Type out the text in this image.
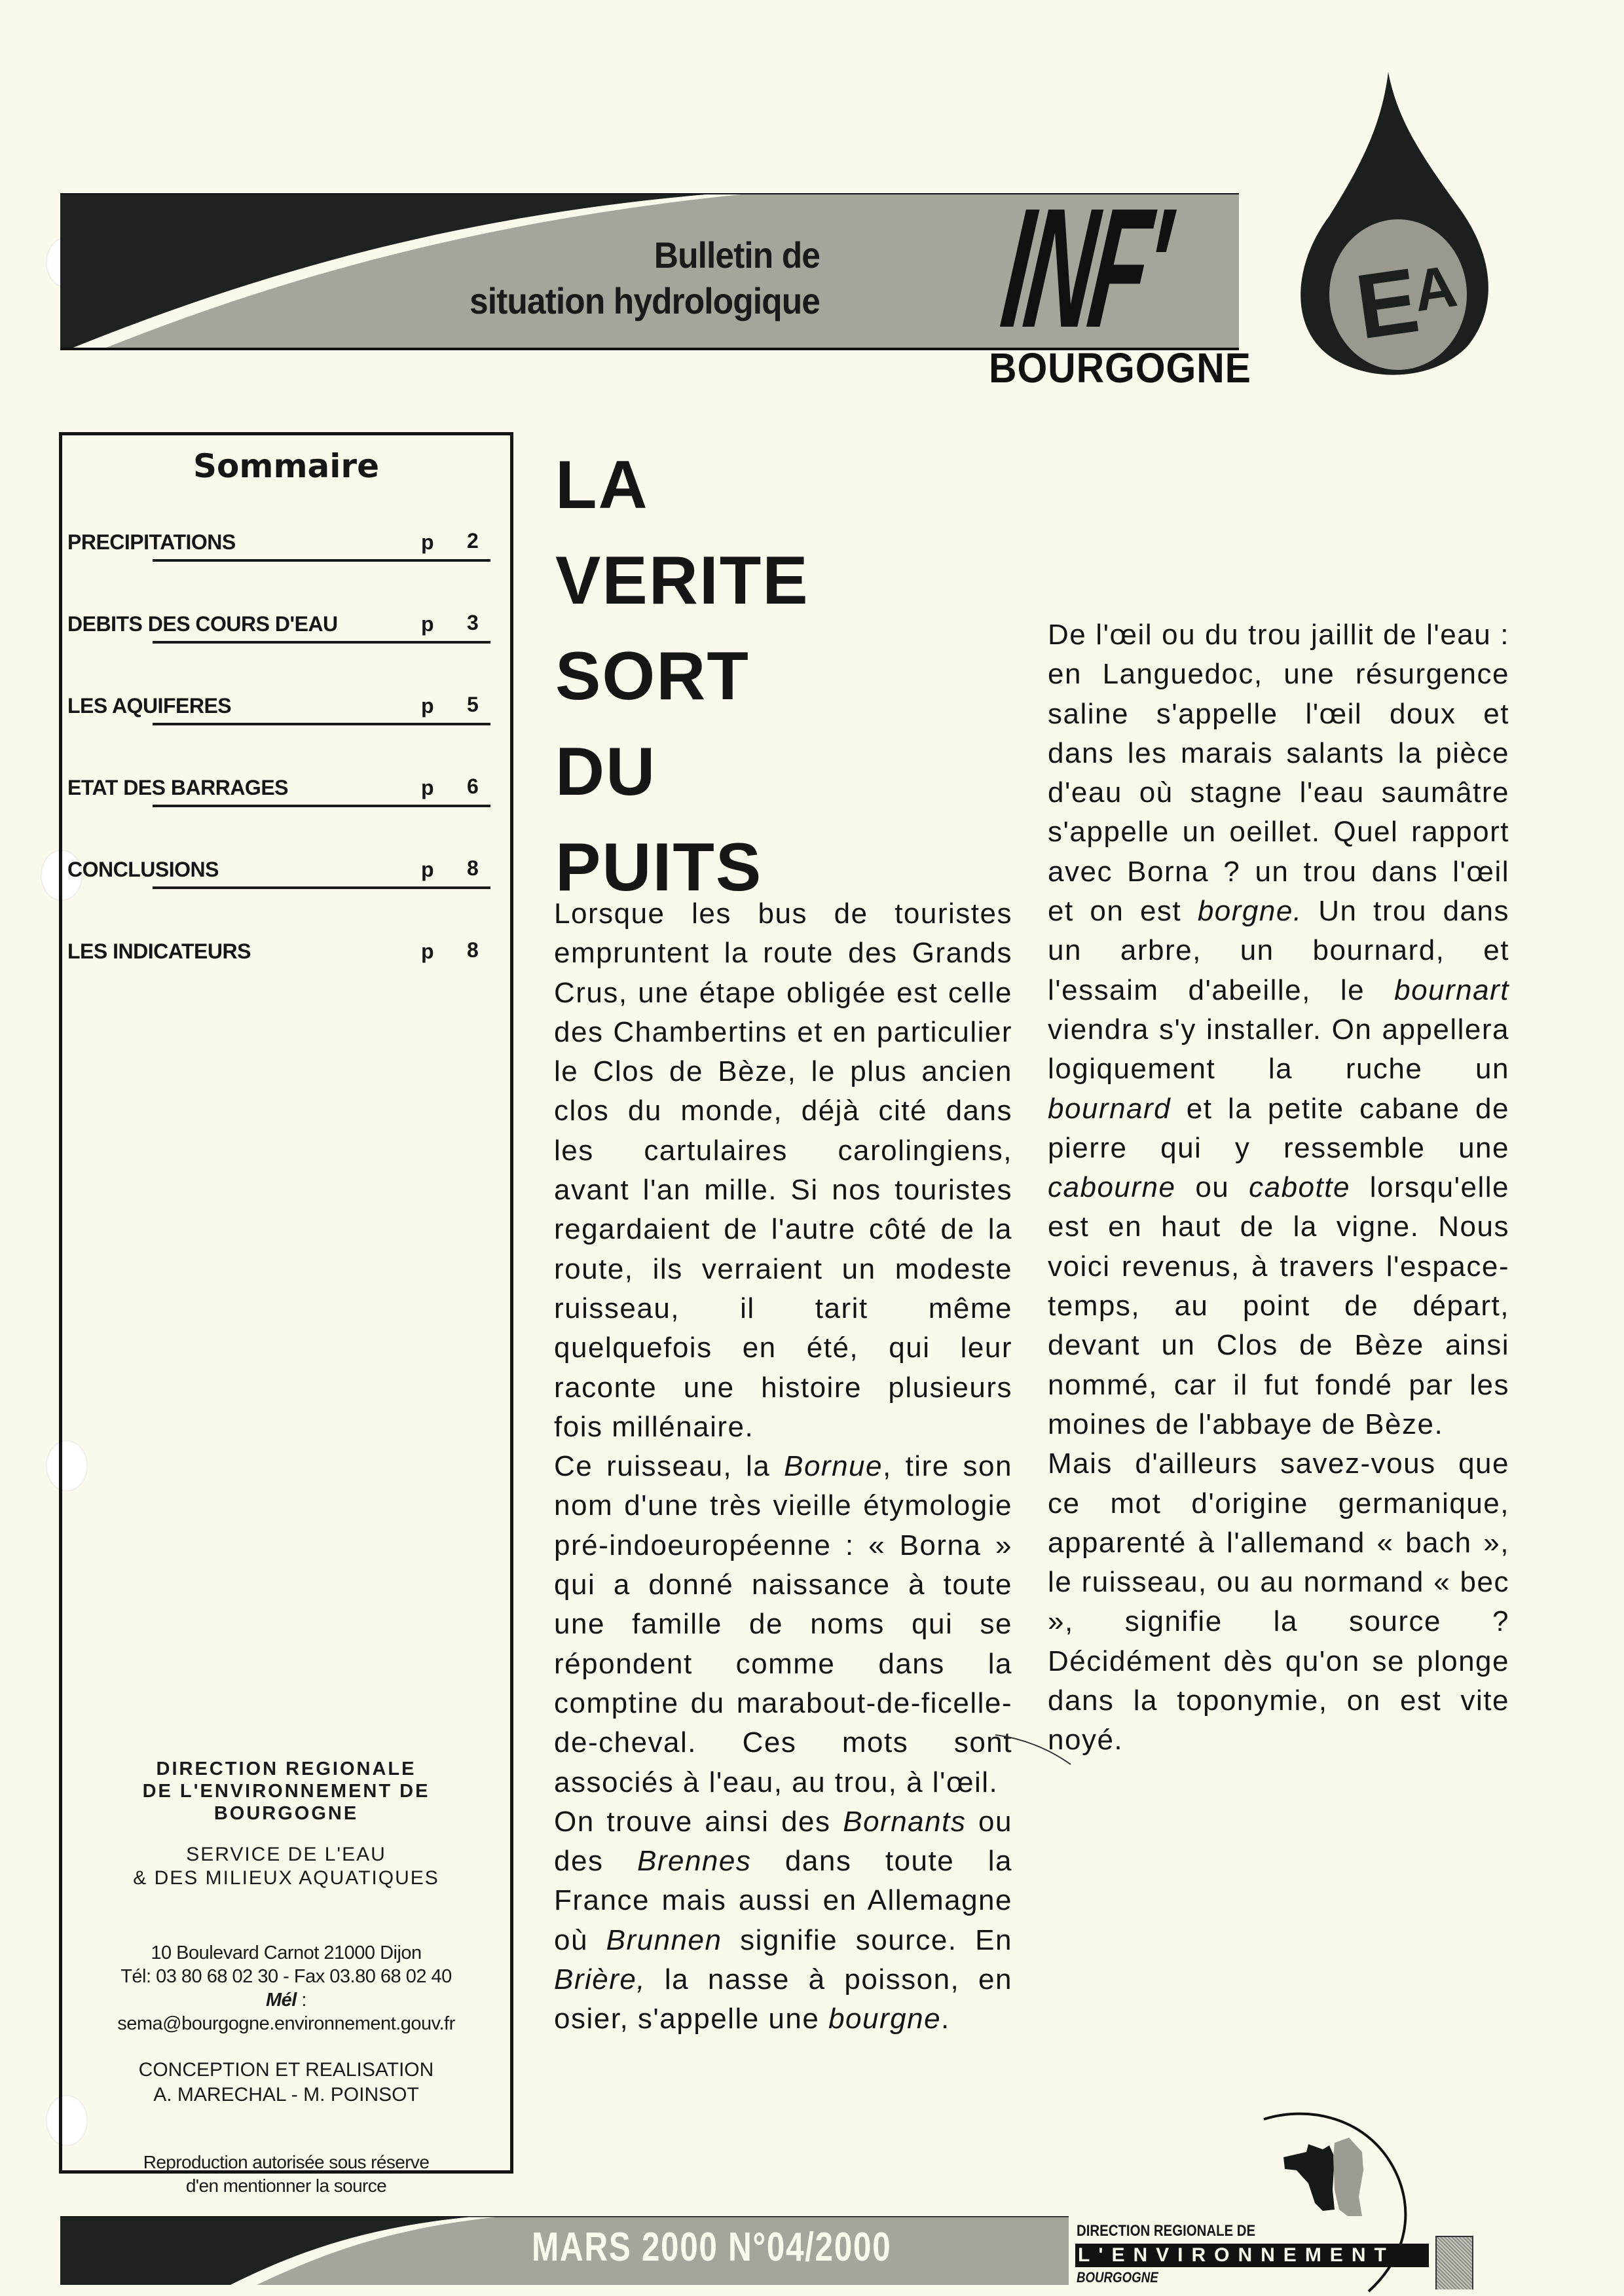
Bulletin de
situation hydrologique INF' E
A
BOURGOGNE
Sommaire
PRECIPITATIONS	p 2
DEBITS DES COURS D'EAU	p 3
LES AQUIFERES	p 5
ETAT DES BARRAGES	p 6
CONCLUSIONS	p 8
LES INDICATEURS	p 8
DIRECTION REGIONALE
DE L'ENVIRONNEMENT DE
BOURGOGNE
SERVICE DE L'EAU
& DES MILIEUX AQUATIQUES
10 Boulevard Carnot 21000 Dijon
Tél: 03 80 68 02 30 - Fax 03.80 68 02 40
Mél :
sema@bourgogne.environnement.gouv.fr
CONCEPTION ET REALISATION
A. MARECHAL - M. POINSOT
Reproduction autorisée sous réserve
d'en mentionner la source
LA
VERITE
SORT
DU
PUITS

Lorsque les bus de touristes empruntent la route des Grands Crus, une étape obligée est celle des Chambertins et en particulier le Clos de Bèze, le plus ancien clos du monde, déjà cité dans les cartulaires carolingiens, avant l'an mille. Si nos touristes regardaient de l'autre côté de la route, ils verraient un modeste ruisseau, il tarit même quelquefois en été, qui leur raconte une histoire plusieurs fois millénaire.

Ce ruisseau, la Bornue, tire son nom d'une très vieille étymologie pré-indoeuropéenne : « Borna » qui a donné naissance à toute une famille de noms qui se répondent comme dans la comptine du marabout-de-ficelle-de-cheval. Ces mots sont associés à l'eau, au trou, à l'œil.

On trouve ainsi des Bornants ou des Brennes dans toute la France mais aussi en Allemagne où Brunnen signifie source. En Brière, la nasse à poisson, en osier, s'appelle une bourgne.

De l'œil ou du trou jaillit de l'eau : en Languedoc, une résurgence saline s'appelle l'œil doux et dans les marais salants la pièce d'eau où stagne l'eau saumâtre s'appelle un oeillet. Quel rapport avec Borna ? un trou dans l'œil et on est borgne. Un trou dans un arbre, un bournard, et l'essaim d'abeille, le bournart viendra s'y installer. On appellera logiquement la ruche un bournard et la petite cabane de pierre qui y ressemble une cabourne ou cabotte lorsqu'elle est en haut de la vigne. Nous voici revenus, à travers l'espace-temps, au point de départ, devant un Clos de Bèze ainsi nommé, car il fut fondé par les moines de l'abbaye de Bèze.

Mais d'ailleurs savez-vous que ce mot d'origine germanique, apparenté à l'allemand « bach », le ruisseau, ou au normand « bec », signifie la source ? Décidément dès qu'on se plonge dans la toponymie, on est vite noyé.

MARS 2000 N°04/2000	DIRECTION REGIONALE DE
L'ENVIRONNEMENT
BOURGOGNE
